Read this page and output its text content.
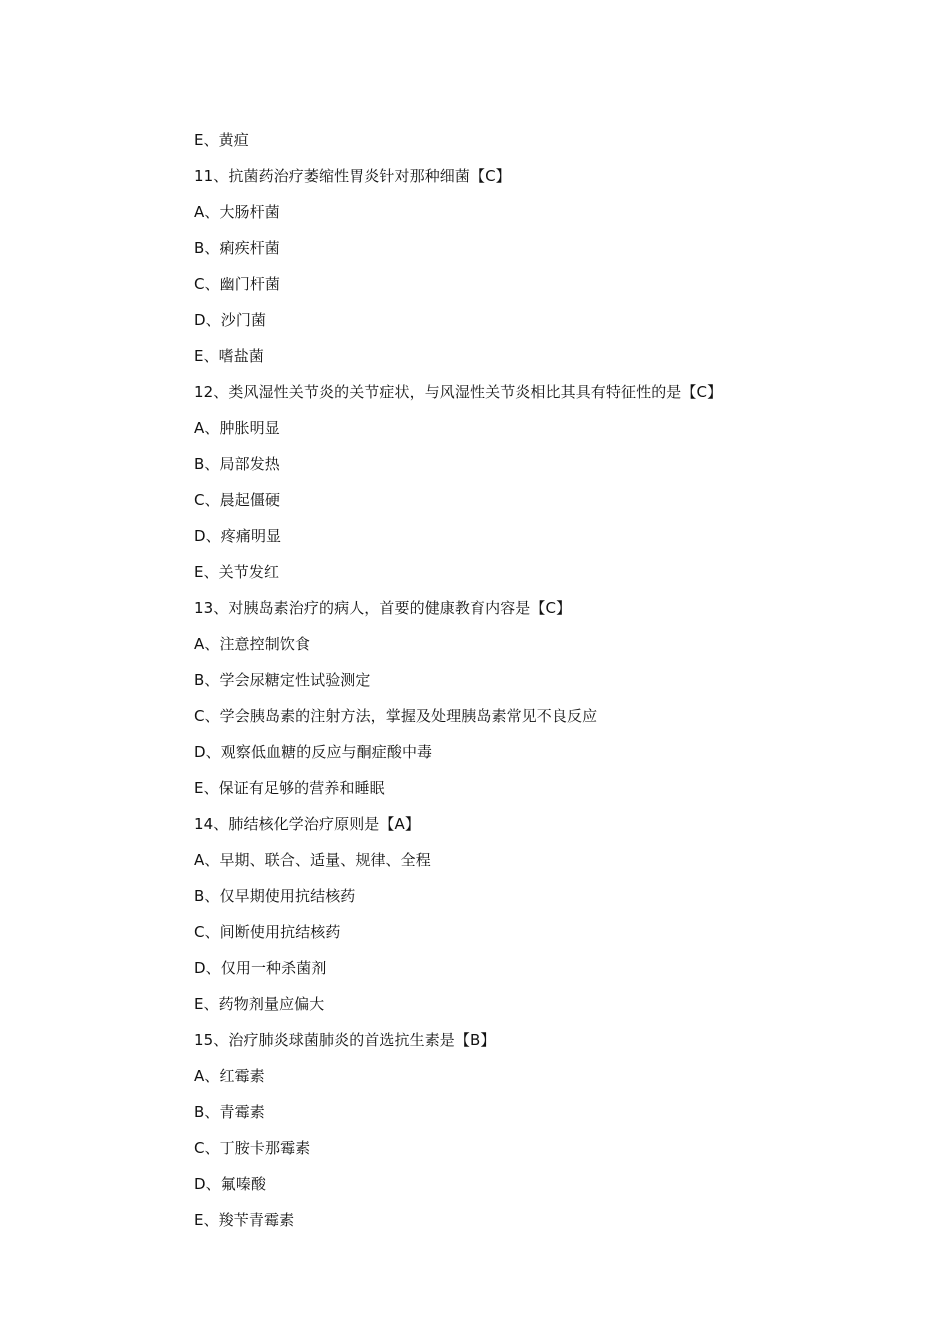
E、黄疸
11、抗菌药治疗萎缩性胃炎针对那种细菌【C】
A、大肠杆菌
B、痢疾杆菌
C、幽门杆菌
D、沙门菌
E、嗜盐菌
12、类风湿性关节炎的关节症状，与风湿性关节炎相比其具有特征性的是【C】
A、肿胀明显
B、局部发热
C、晨起僵硬
D、疼痛明显
E、关节发红
13、对胰岛素治疗的病人，首要的健康教育内容是【C】
A、注意控制饮食
B、学会尿糖定性试验测定
C、学会胰岛素的注射方法，掌握及处理胰岛素常见不良反应
D、观察低血糖的反应与酮症酸中毒
E、保证有足够的营养和睡眠
14、肺结核化学治疗原则是【A】
A、早期、联合、适量、规律、全程
B、仅早期使用抗结核药
C、间断使用抗结核药
D、仅用一种杀菌剂
E、药物剂量应偏大
15、治疗肺炎球菌肺炎的首选抗生素是【B】
A、红霉素
B、青霉素
C、丁胺卡那霉素
D、氟嗪酸
E、羧苄青霉素
